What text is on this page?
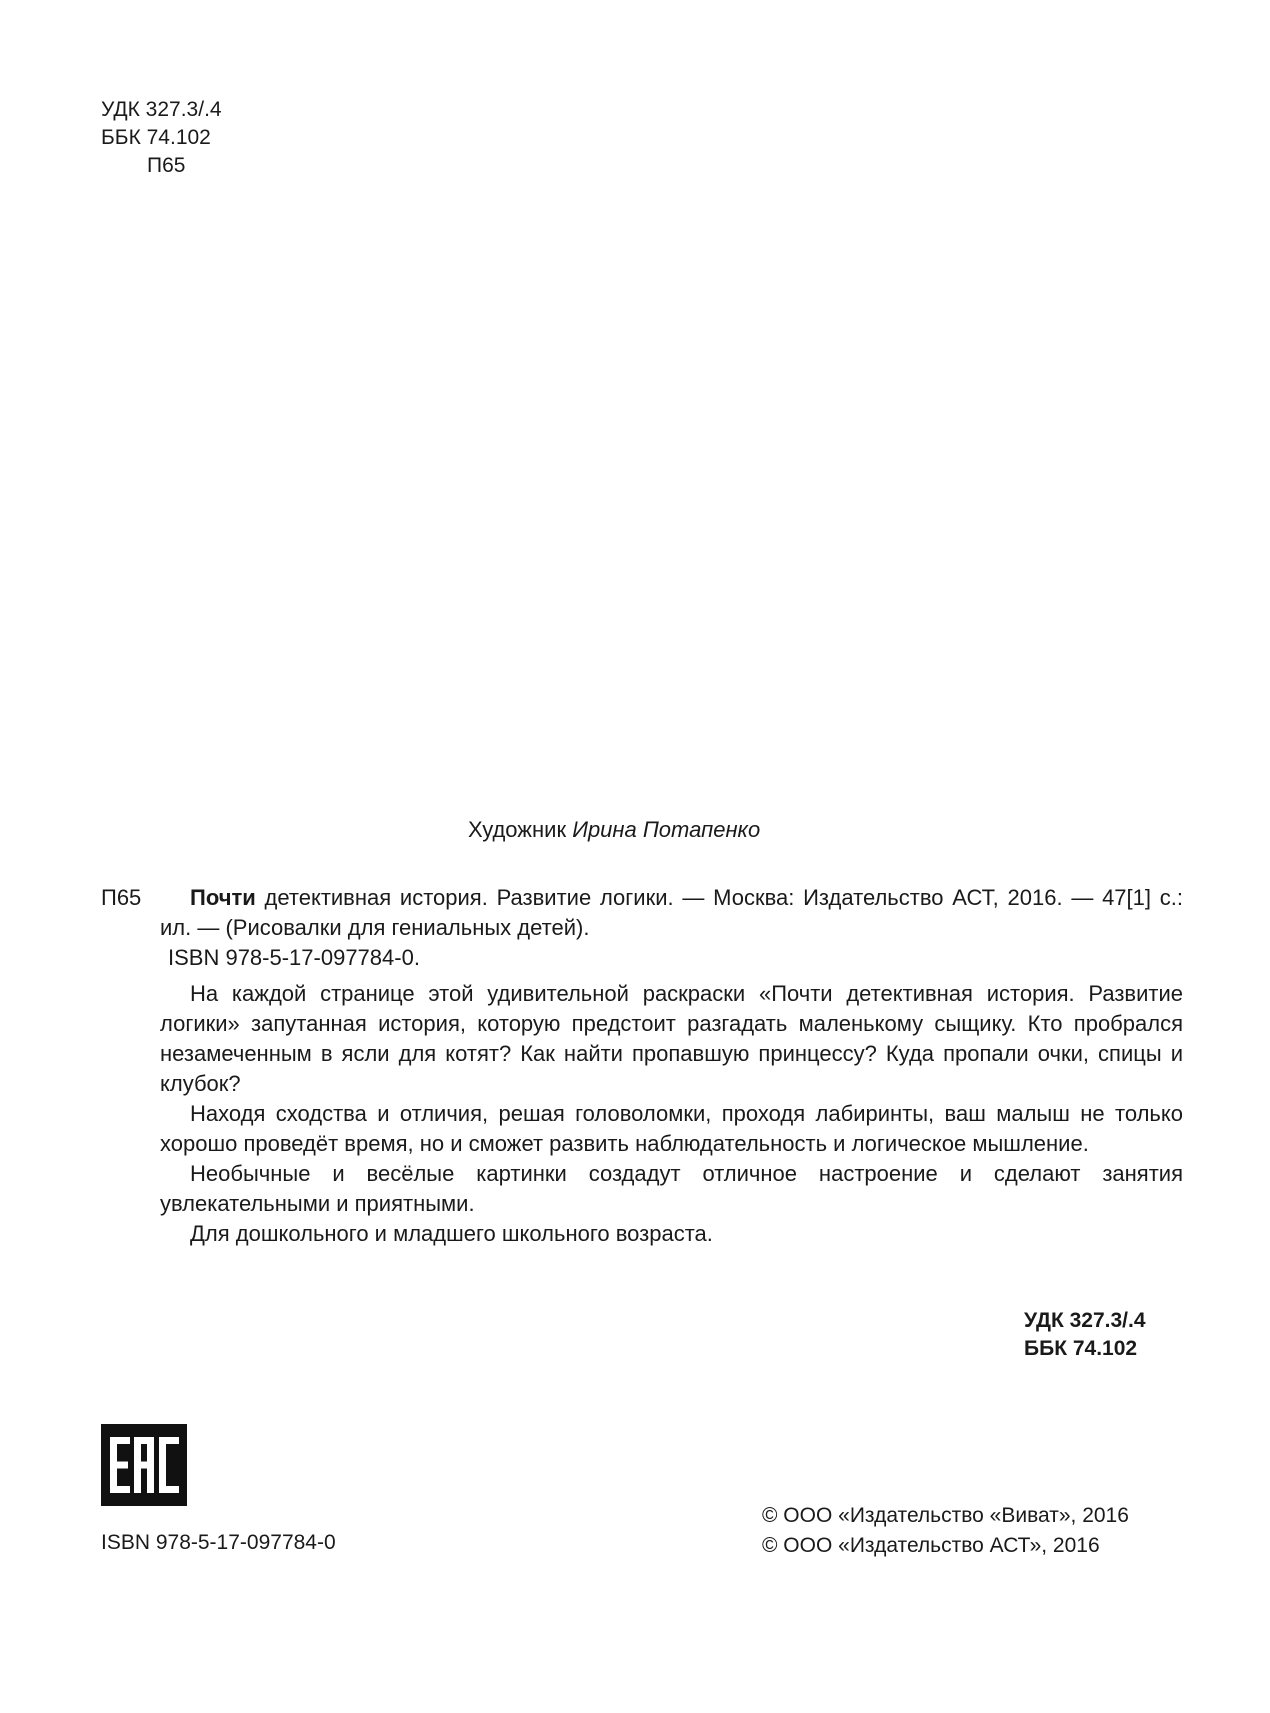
УДК 327.3/.4
ББК 74.102
П65
Художник Ирина Потапенко
П65	Почти детективная история. Развитие логики. — Москва: Издательство АСТ, 2016. — 47[1] с.: ил. — (Рисовалки для гениальных детей).

ISBN 978-5-17-097784-0.

На каждой странице этой удивительной раскраски «Почти детективная история. Развитие логики» запутанная история, которую предстоит разгадать маленькому сыщику. Кто пробрался незамеченным в ясли для котят? Как найти пропавшую принцессу? Куда пропали очки, спицы и клубок?

Находя сходства и отличия, решая головоломки, проходя лабиринты, ваш малыш не только хорошо проведёт время, но и сможет развить наблюдательность и логическое мышление.

Необычные и весёлые картинки создадут отличное настроение и сделают занятия увлекательными и приятными.

Для дошкольного и младшего школьного возраста.

УДК 327.3/.4
ББК 74.102
ISBN 978-5-17-097784-0
© ООО «Издательство «Виват», 2016
© ООО «Издательство АСТ», 2016
